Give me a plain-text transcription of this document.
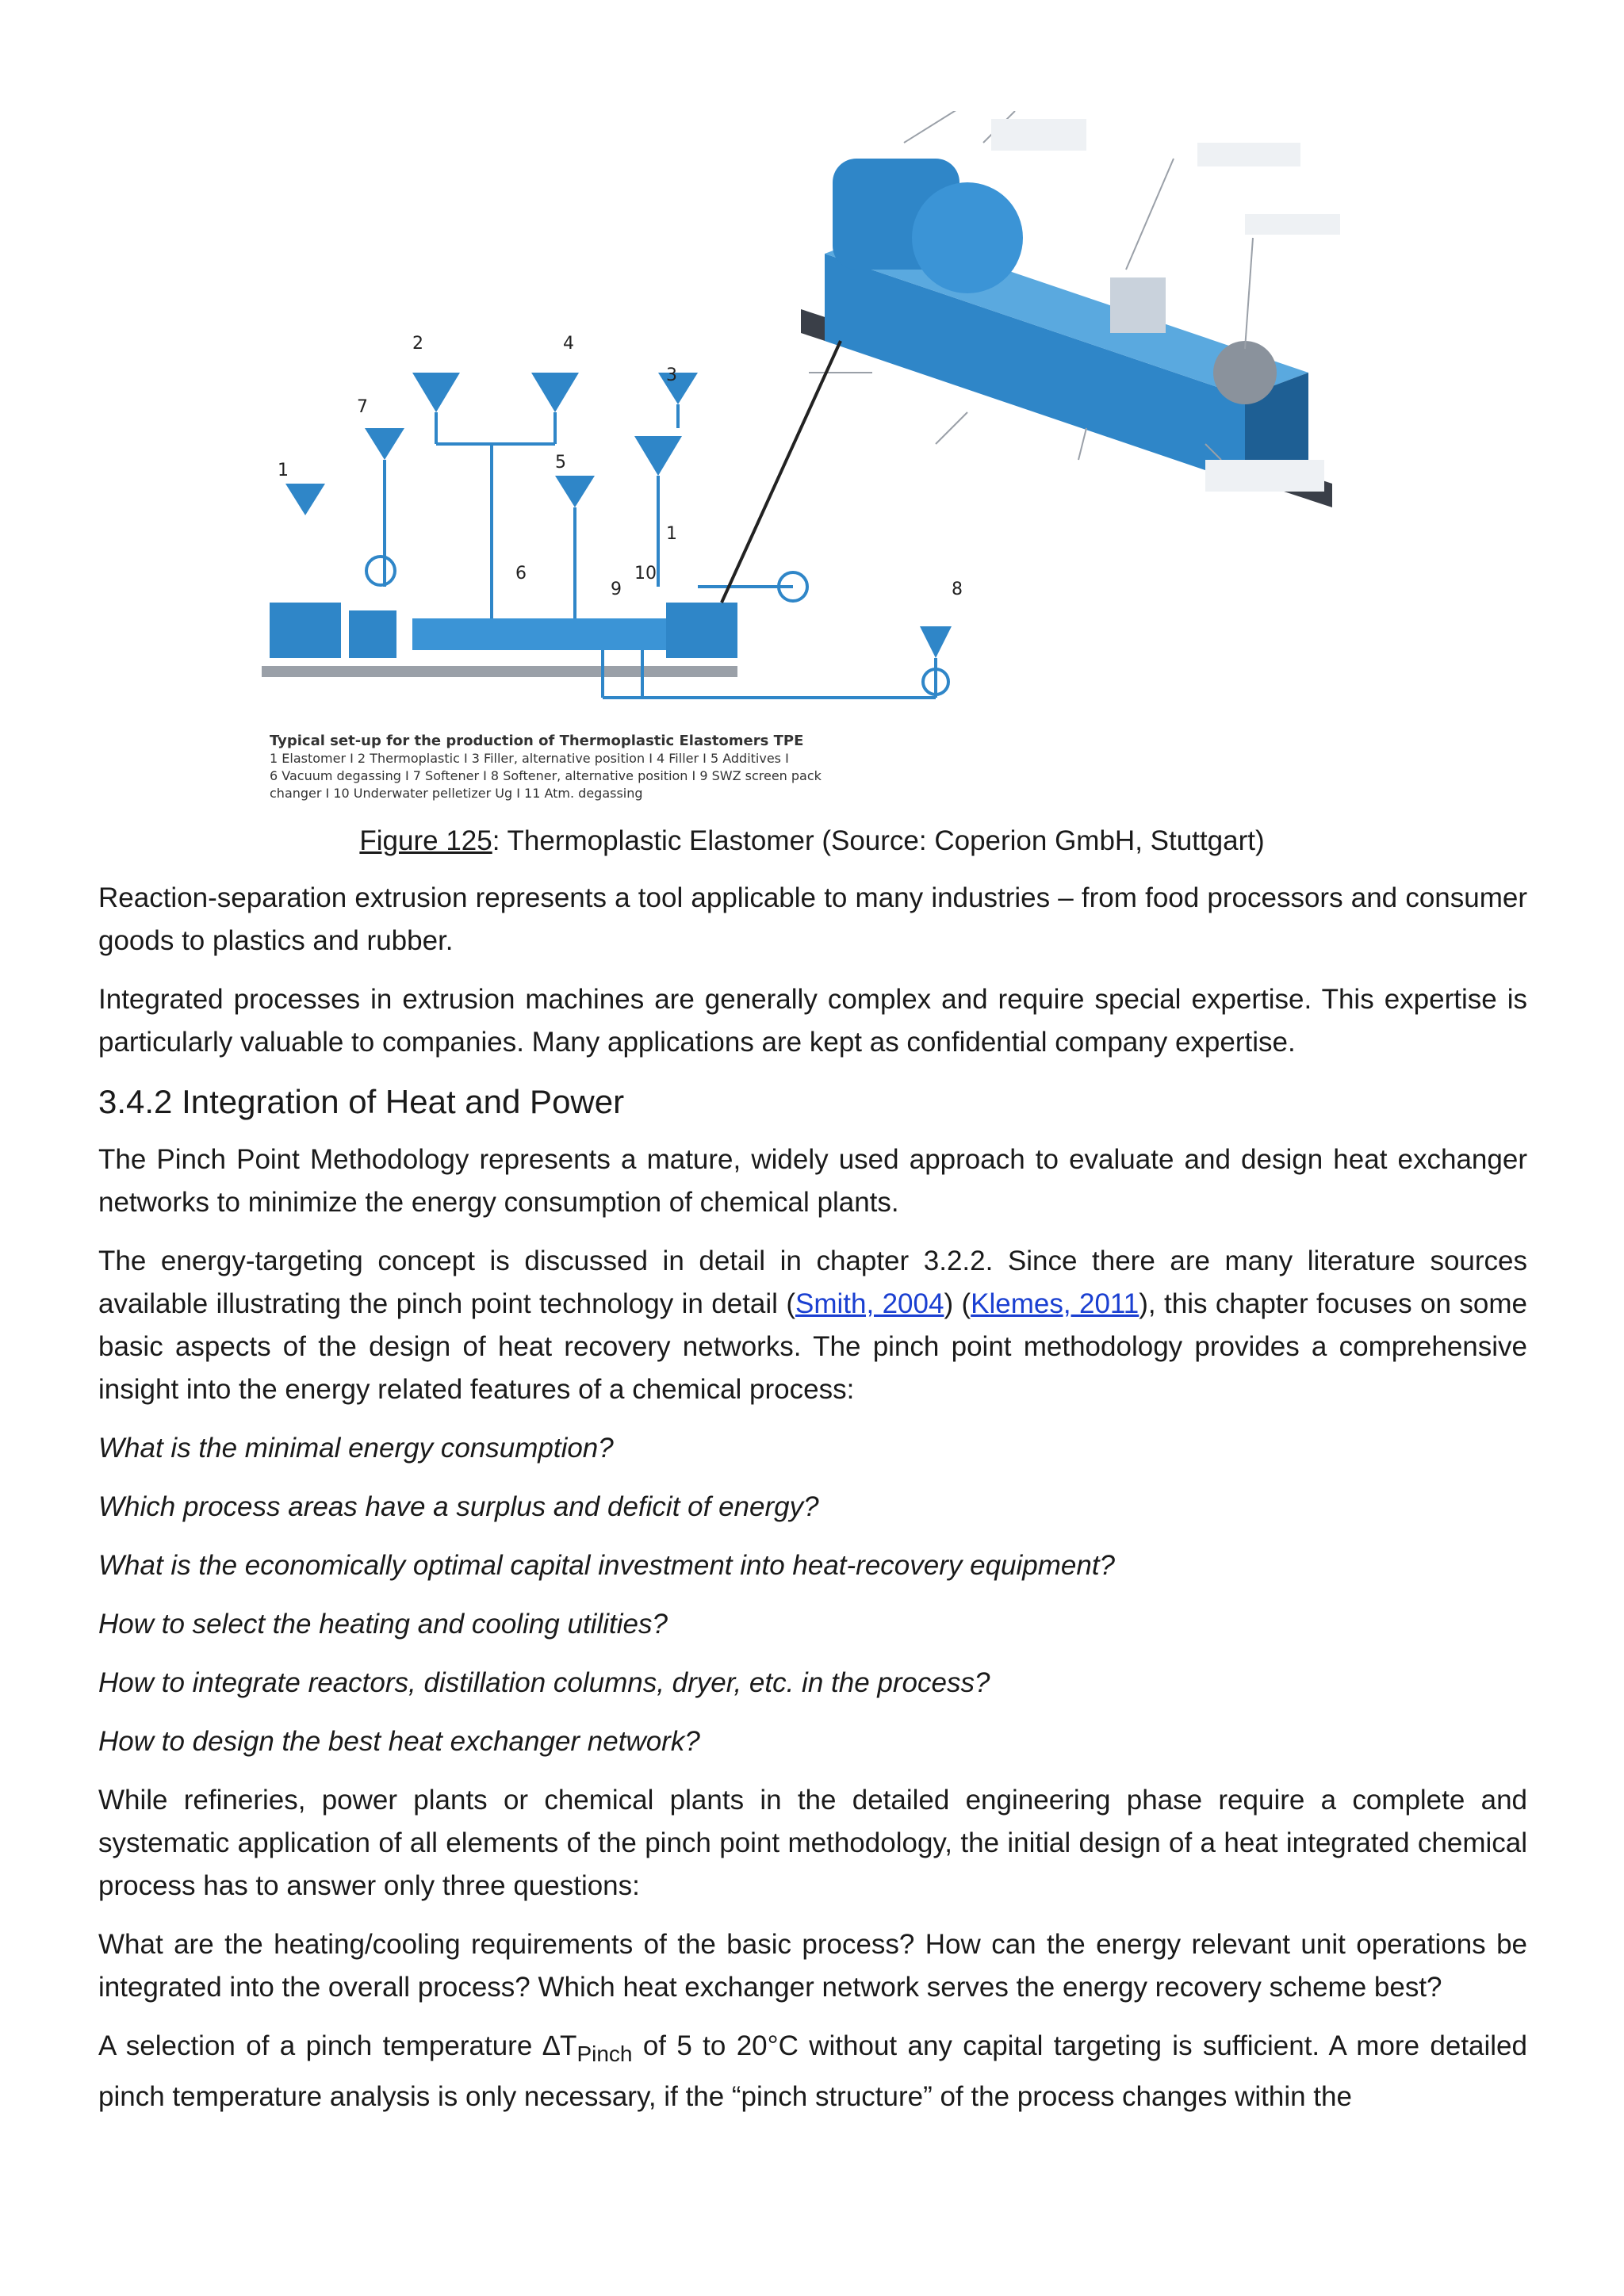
1
2
3
4
5
6
7
8
9
10
1
Typical set-up for the production of Thermoplastic Elastomers TPE
1 Elastomer I 2 Thermoplastic I 3 Filler, alternative position I 4 Filler I 5 Additives I
6 Vacuum degassing I 7 Softener I 8 Softener, alternative position I 9 SWZ screen pack
changer I 10 Underwater pelletizer Ug I 11 Atm. degassing
Figure 125: Thermoplastic Elastomer (Source: Coperion GmbH, Stuttgart)

Reaction-separation extrusion represents a tool applicable to many industries – from food processors and consumer goods to plastics and rubber.

Integrated processes in extrusion machines are generally complex and require special expertise. This expertise is particularly valuable to companies. Many applications are kept as confidential company expertise.

3.4.2 Integration of Heat and Power

The Pinch Point Methodology represents a mature, widely used approach to evaluate and design heat exchanger networks to minimize the energy consumption of chemical plants.

The energy-targeting concept is discussed in detail in chapter 3.2.2. Since there are many literature sources available illustrating the pinch point technology in detail (Smith, 2004) (Klemes, 2011), this chapter focuses on some basic aspects of the design of heat recovery networks. The pinch point methodology provides a comprehensive insight into the energy related features of a chemical process:

What is the minimal energy consumption?

Which process areas have a surplus and deficit of energy?

What is the economically optimal capital investment into heat-recovery equipment?

How to select the heating and cooling utilities?

How to integrate reactors, distillation columns, dryer, etc. in the process?

How to design the best heat exchanger network?

While refineries, power plants or chemical plants in the detailed engineering phase require a complete and systematic application of all elements of the pinch point methodology, the initial design of a heat integrated chemical process has to answer only three questions:

What are the heating/cooling requirements of the basic process? How can the energy relevant unit operations be integrated into the overall process? Which heat exchanger network serves the energy recovery scheme best?

A selection of a pinch temperature $\Delta T_{Pinch}$ of 5 to 20°C without any capital targeting is sufficient. A more detailed pinch temperature analysis is only necessary, if the “pinch structure” of the process changes within the
